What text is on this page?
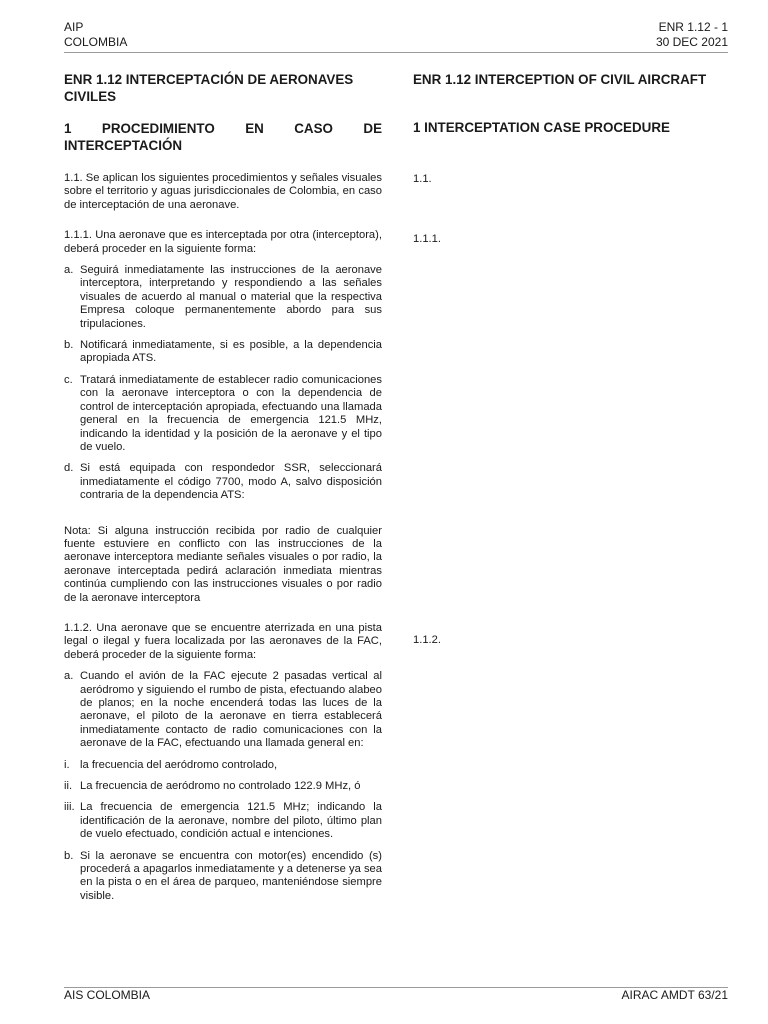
AIP
COLOMBIA
ENR 1.12 - 1
30 DEC 2021
ENR 1.12 INTERCEPTACIÓN DE AERONAVES CIVILES
1 PROCEDIMIENTO EN CASO DE INTERCEPTACIÓN

1.1. Se aplican los siguientes procedimientos y señales visuales sobre el territorio y aguas jurisdiccionales de Colombia, en caso de interceptación de una aeronave.

1.1.1. Una aeronave que es interceptada por otra (interceptora), deberá proceder en la siguiente forma:

a. Seguirá inmediatamente las instrucciones de la aeronave interceptora, interpretando y respondiendo a las señales visuales de acuerdo al manual o material que la respectiva Empresa coloque permanentemente abordo para sus tripulaciones.
b. Notificará inmediatamente, si es posible, a la dependencia apropiada ATS.
c. Tratará inmediatamente de establecer radio comunicaciones con la aeronave interceptora o con la dependencia de control de interceptación apropiada, efectuando una llamada general en la frecuencia de emergencia 121.5 MHz, indicando la identidad y la posición de la aeronave y el tipo de vuelo.
d. Si está equipada con respondedor SSR, seleccionará inmediatamente el código 7700, modo A, salvo disposición contraria de la dependencia ATS:

Nota: Si alguna instrucción recibida por radio de cualquier fuente estuviere en conflicto con las instrucciones de la aeronave interceptora mediante señales visuales o por radio, la aeronave interceptada pedirá aclaración inmediata mientras continúa cumpliendo con las instrucciones visuales o por radio de la aeronave interceptora

1.1.2. Una aeronave que se encuentre aterrizada en una pista legal o ilegal y fuera localizada por las aeronaves de la FAC, deberá proceder de la siguiente forma:

a. Cuando el avión de la FAC ejecute 2 pasadas vertical al aeródromo y siguiendo el rumbo de pista, efectuando alabeo de planos; en la noche encenderá todas las luces de la aeronave, el piloto de la aeronave en tierra establecerá inmediatamente contacto de radio comunicaciones con la aeronave de la FAC, efectuando una llamada general en:
i. la frecuencia del aeródromo controlado,
ii. La frecuencia de aeródromo no controlado 122.9 MHz, ó
iii. La frecuencia de emergencia 121.5 MHz; indicando la identificación de la aeronave, nombre del piloto, último plan de vuelo efectuado, condición actual e intenciones.
b. Si la aeronave se encuentra con motor(es) encendido (s) procederá a apagarlos inmediatamente y a detenerse ya sea en la pista o en el área de parqueo, manteniéndose siempre visible.
ENR 1.12 INTERCEPTION OF CIVIL AIRCRAFT
1 INTERCEPTATION CASE PROCEDURE

1.1.

1.1.1.

1.1.2.

AIS COLOMBIA	AIRAC AMDT 63/21
